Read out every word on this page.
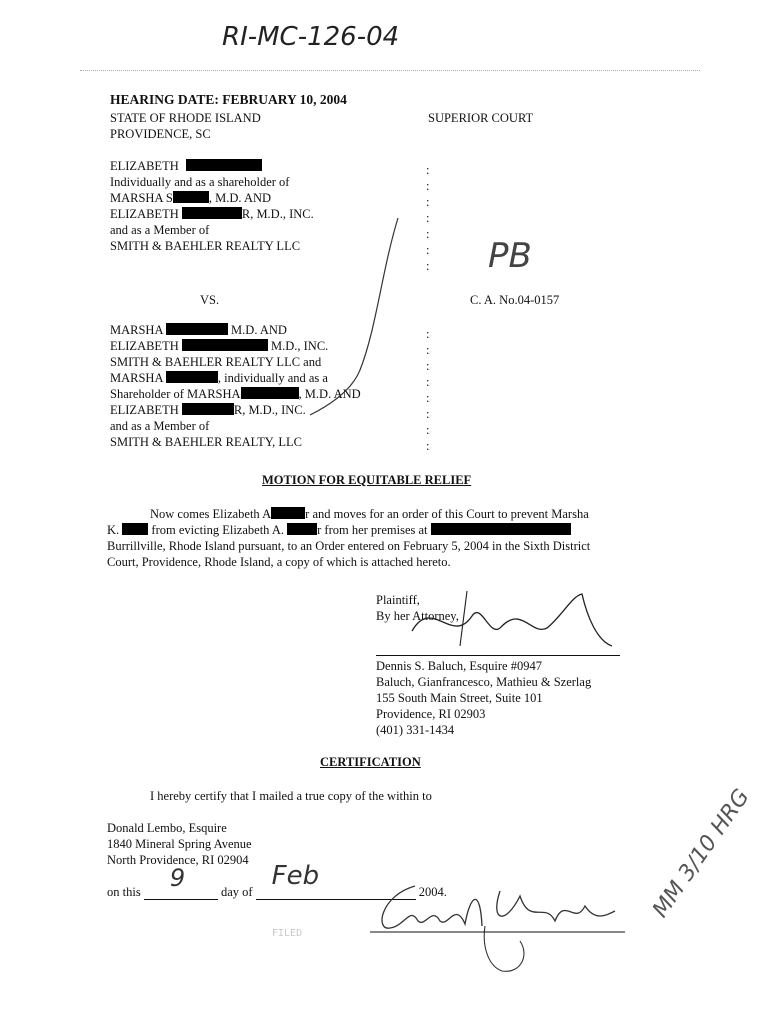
RI-MC-126-04
HEARING DATE: FEBRUARY 10, 2004
STATE OF RHODE ISLAND
PROVIDENCE, SC
SUPERIOR COURT
ELIZABETH
Individually and as a shareholder of
MARSHA S	, M.D. AND
ELIZABETH	R, M.D., INC.
and as a Member of
SMITH & BAEHLER REALTY LLC
:
:
:
:
:
:
: PB
VS.	C. A. No.04-0157
MARSHA	M.D. AND
ELIZABETH	M.D., INC.
SMITH & BAEHLER REALTY LLC and
MARSHA	, individually and as a
Shareholder of MARSHA	, M.D. AND
ELIZABETH	R, M.D., INC.
and as a Member of
SMITH & BAEHLER REALTY, LLC
:
:
:
:
:
:
:
:
MOTION FOR EQUITABLE RELIEF
Now comes Elizabeth A	r and moves for an order of this Court to prevent Marsha
K.	from evicting Elizabeth A.	r from her premises at
Burrillville, Rhode Island pursuant, to an Order entered on February 5, 2004 in the Sixth District
Court, Providence, Rhode Island, a copy of which is attached hereto.
Plaintiff,
By her Attorney,
Dennis S. Baluch, Esquire #0947
Baluch, Gianfrancesco, Mathieu & Szerlag
155 South Main Street, Suite 101
Providence, RI 02903
(401) 331-1434
CERTIFICATION
I hereby certify that I mailed a true copy of the within to
Donald Lembo, Esquire
1840 Mineral Spring Avenue
North Providence, RI 02904
on this 9	day of
Feb
2004.	MM 3/10 HRG
FILED
